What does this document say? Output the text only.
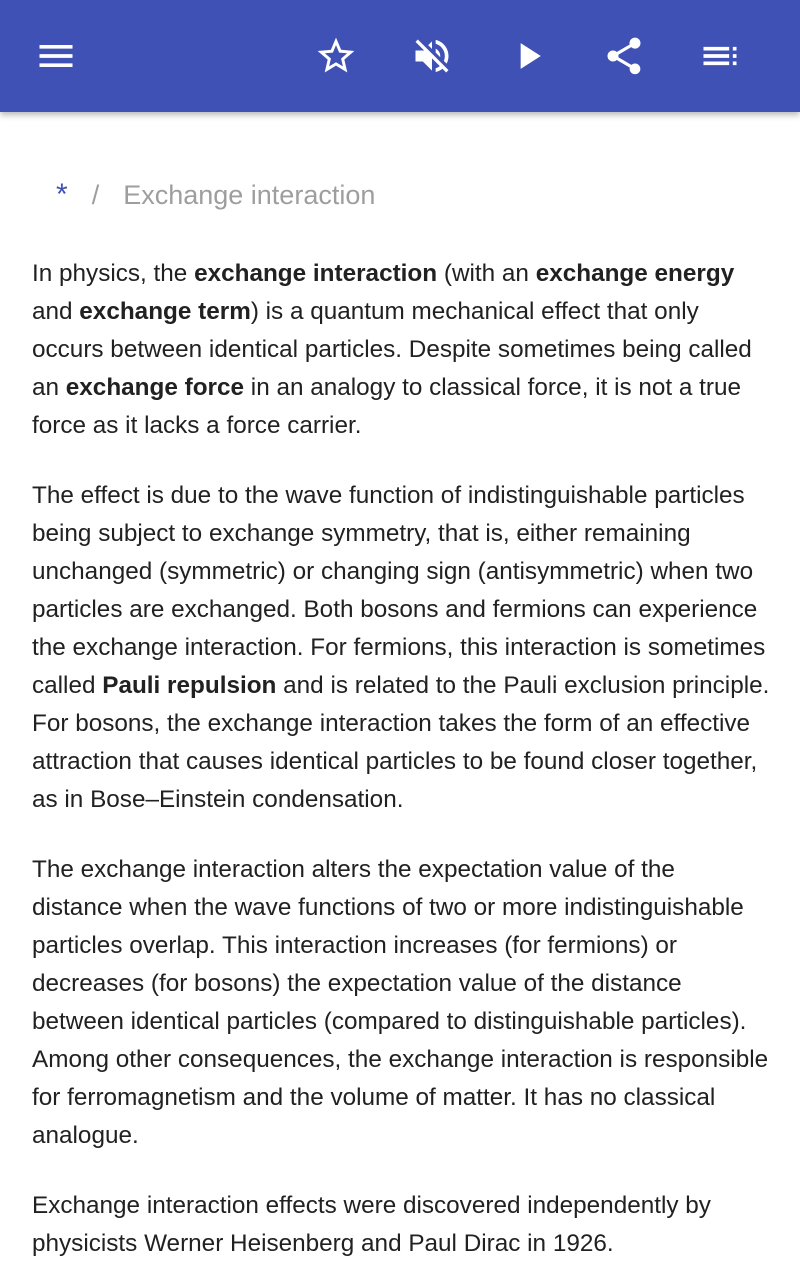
* / Exchange interaction

In physics, the exchange interaction (with an exchange energy and exchange term) is a quantum mechanical effect that only occurs between identical particles. Despite sometimes being called an exchange force in an analogy to classical force, it is not a true force as it lacks a force carrier.

The effect is due to the wave function of indistinguishable particles being subject to exchange symmetry, that is, either remaining unchanged (symmetric) or changing sign (antisymmetric) when two particles are exchanged. Both bosons and fermions can experience the exchange interaction. For fermions, this interaction is sometimes called Pauli repulsion and is related to the Pauli exclusion principle. For bosons, the exchange interaction takes the form of an effective attraction that causes identical particles to be found closer together, as in Bose–Einstein condensation.

The exchange interaction alters the expectation value of the distance when the wave functions of two or more indistinguishable particles overlap. This interaction increases (for fermions) or decreases (for bosons) the expectation value of the distance between identical particles (compared to distinguishable particles). Among other consequences, the exchange interaction is responsible for ferromagnetism and the volume of matter. It has no classical analogue.

Exchange interaction effects were discovered independently by physicists Werner Heisenberg and Paul Dirac in 1926.
